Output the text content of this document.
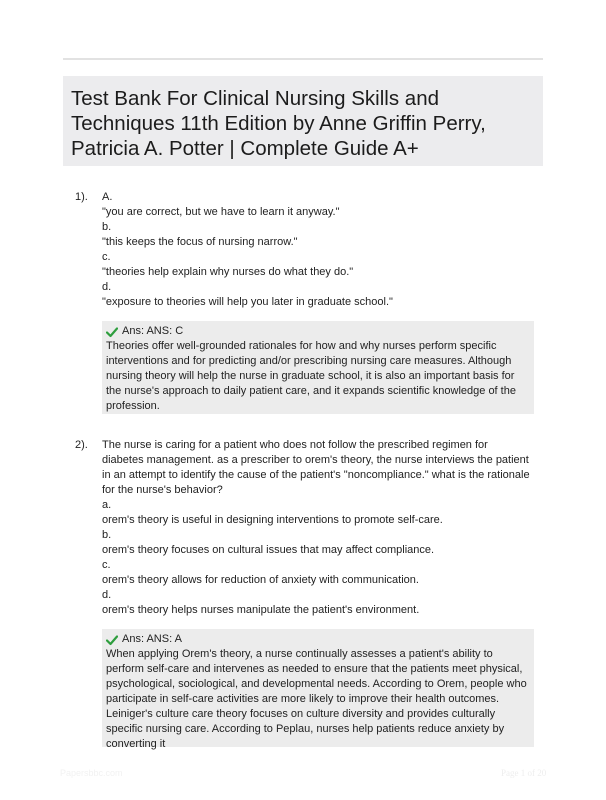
Test Bank For Clinical Nursing Skills and Techniques 11th Edition by Anne Griffin Perry, Patricia A. Potter | Complete Guide A+
1). A.
"you are correct, but we have to learn it anyway."
b.
"this keeps the focus of nursing narrow."
c.
"theories help explain why nurses do what they do."
d.
"exposure to theories will help you later in graduate school."
Ans: ANS: C
Theories offer well-grounded rationales for how and why nurses perform specific interventions and for predicting and/or prescribing nursing care measures. Although nursing theory will help the nurse in graduate school, it is also an important basis for the nurse's approach to daily patient care, and it expands scientific knowledge of the profession.
2). The nurse is caring for a patient who does not follow the prescribed regimen for diabetes management. as a prescriber to orem's theory, the nurse interviews the patient in an attempt to identify the cause of the patient's "noncompliance." what is the rationale for the nurse's behavior?
a.
orem's theory is useful in designing interventions to promote self-care.
b.
orem's theory focuses on cultural issues that may affect compliance.
c.
orem's theory allows for reduction of anxiety with communication.
d.
orem's theory helps nurses manipulate the patient's environment.
Ans: ANS: A
When applying Orem's theory, a nurse continually assesses a patient's ability to perform self-care and intervenes as needed to ensure that the patients meet physical, psychological, sociological, and developmental needs. According to Orem, people who participate in self-care activities are more likely to improve their health outcomes. Leiniger's culture care theory focuses on culture diversity and provides culturally specific nursing care. According to Peplau, nurses help patients reduce anxiety by converting it
Papersbbc.com	Page 1 of 20
